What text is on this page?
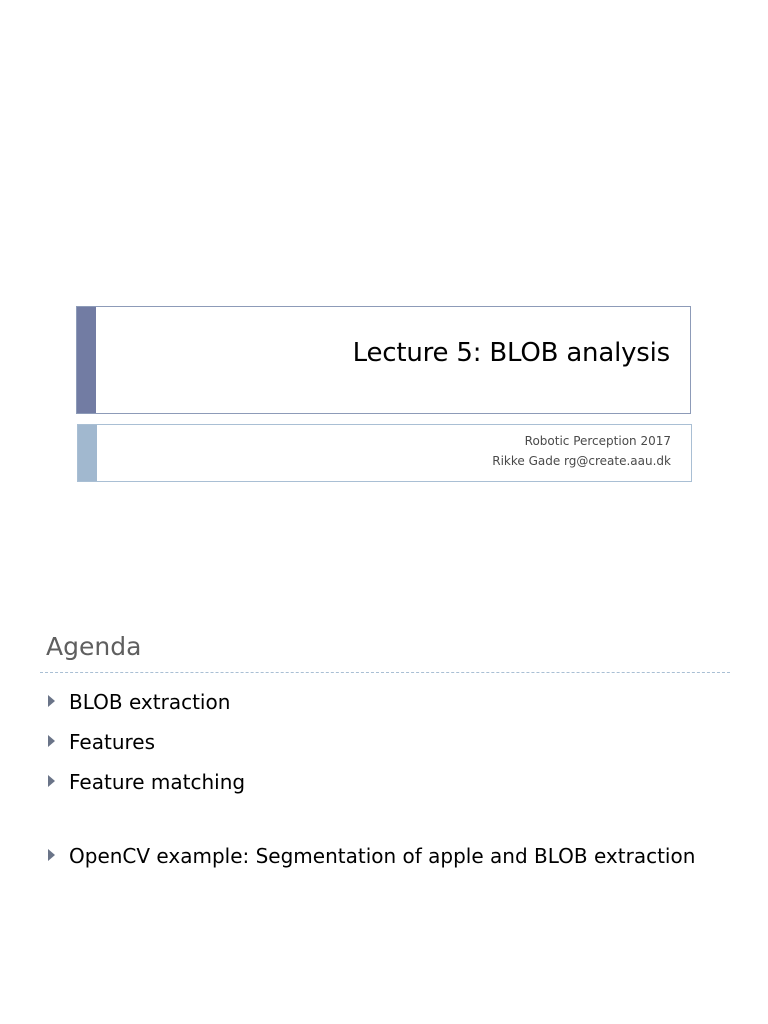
Lecture 5: BLOB analysis
Robotic Perception 2017
Rikke Gade rg@create.aau.dk
Agenda
BLOB extraction
Features
Feature matching
OpenCV example: Segmentation of apple and BLOB extraction
